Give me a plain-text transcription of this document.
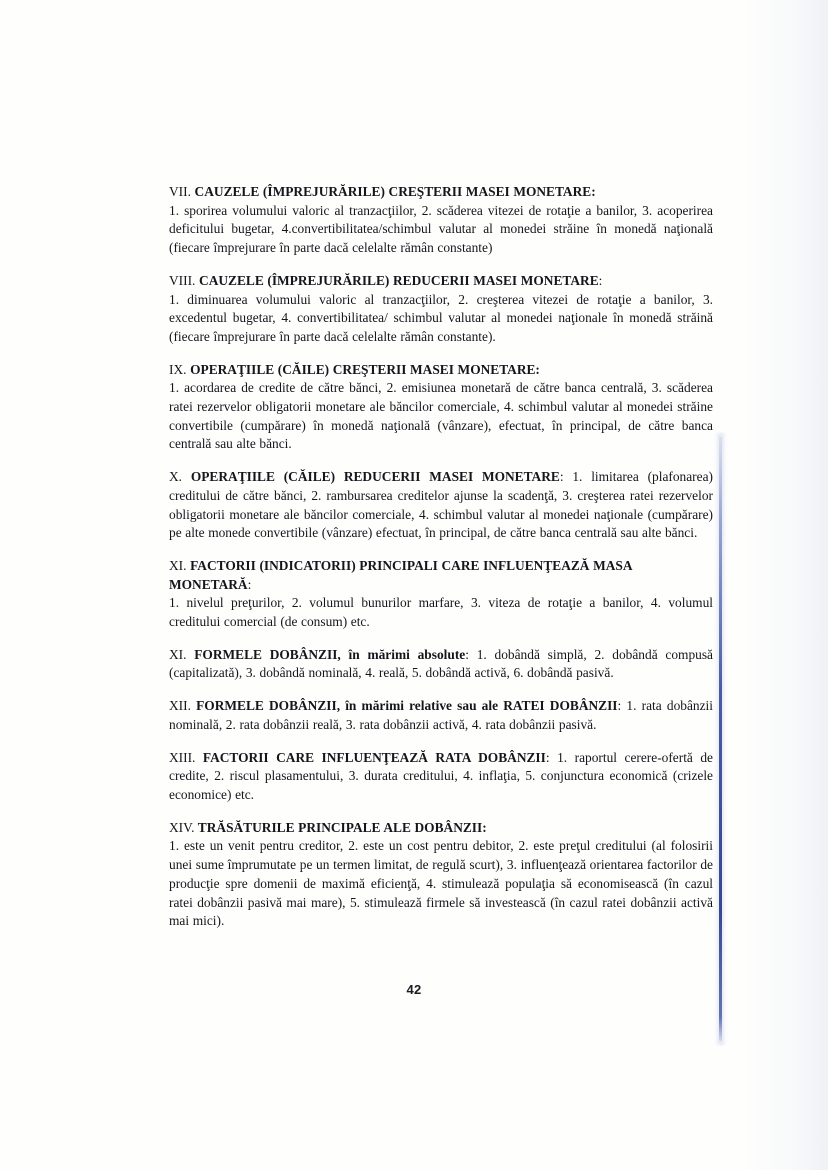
VII. CAUZELE (ÎMPREJURĂRILE) CREŞTERII MASEI MONETARE:
1. sporirea volumului valoric al tranzacţiilor, 2. scăderea vitezei de rotaţie a banilor, 3. acoperirea deficitului bugetar, 4.convertibilitatea/schimbul valutar al monedei străine în monedă naţională (fiecare împrejurare în parte dacă celelalte rămân constante)

VIII. CAUZELE (ÎMPREJURĂRILE) REDUCERII MASEI MONETARE:
1. diminuarea volumului valoric al tranzacţiilor, 2. creşterea vitezei de rotaţie a banilor, 3. excedentul bugetar, 4. convertibilitatea/ schimbul valutar al monedei naţionale în monedă străină (fiecare împrejurare în parte dacă celelalte rămân constante).

IX. OPERAŢIILE (CĂILE) CREŞTERII MASEI MONETARE:
1. acordarea de credite de către bănci, 2. emisiunea monetară de către banca centrală, 3. scăderea ratei rezervelor obligatorii monetare ale băncilor comerciale, 4. schimbul valutar al monedei străine convertibile (cumpărare) în monedă naţională (vânzare), efectuat, în principal, de către banca centrală sau alte bănci.

X. OPERAŢIILE (CĂILE) REDUCERII MASEI MONETARE: 1. limitarea (plafonarea) creditului de către bănci, 2. rambursarea creditelor ajunse la scadenţă, 3. creşterea ratei rezervelor obligatorii monetare ale băncilor comerciale, 4. schimbul valutar al monedei naţionale (cumpărare) pe alte monede convertibile (vânzare) efectuat, în principal, de către banca centrală sau alte bănci.

XI. FACTORII (INDICATORII) PRINCIPALI CARE INFLUENŢEAZĂ MASA MONETARĂ:
1. nivelul preţurilor, 2. volumul bunurilor marfare, 3. viteza de rotaţie a banilor, 4. volumul creditului comercial (de consum) etc.

XI. FORMELE DOBÂNZII, în mărimi absolute: 1. dobândă simplă, 2. dobândă compusă (capitalizată), 3. dobândă nominală, 4. reală, 5. dobândă activă, 6. dobândă pasivă.

XII. FORMELE DOBÂNZII, în mărimi relative sau ale RATEI DOBÂNZII: 1. rata dobânzii nominală, 2. rata dobânzii reală, 3. rata dobânzii activă, 4. rata dobânzii pasivă.

XIII. FACTORII CARE INFLUENŢEAZĂ RATA DOBÂNZII: 1. raportul cerere-ofertă de credite, 2. riscul plasamentului, 3. durata creditului, 4. inflaţia, 5. conjunctura economică (crizele economice) etc.

XIV. TRĂSĂTURILE PRINCIPALE ALE DOBÂNZII:
1. este un venit pentru creditor, 2. este un cost pentru debitor, 2. este preţul creditului (al folosirii unei sume împrumutate pe un termen limitat, de regulă scurt), 3. influenţează orientarea factorilor de producţie spre domenii de maximă eficienţă, 4. stimulează populaţia să economisească (în cazul ratei dobânzii pasivă mai mare), 5. stimulează firmele să investească (în cazul ratei dobânzii activă mai mici).

42
